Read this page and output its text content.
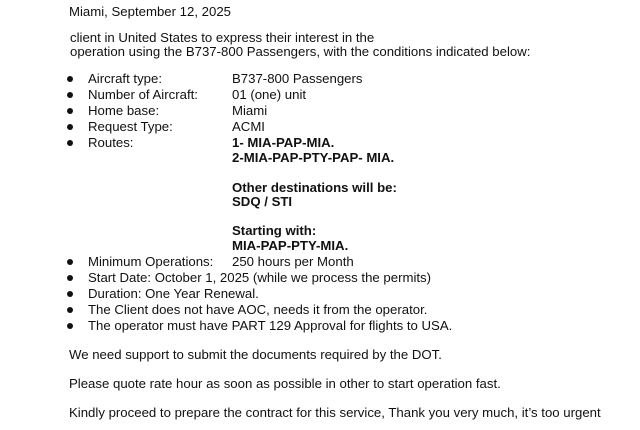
Miami, September 12, 2025
client in United States to express their interest in the
operation using the B737-800 Passengers, with the conditions indicated below:
Aircraft type:	B737-800 Passengers
Number of Aircraft:	01 (one) unit
Home base:	Miami
Request Type:	ACMI
Routes:	1- MIA-PAP-MIA.
2-MIA-PAP-PTY-PAP- MIA.
Other destinations will be:
SDQ / STI
Starting with:
MIA-PAP-PTY-MIA.
Minimum Operations: 250 hours per Month
Start Date: October 1, 2025 (while we process the permits)
Duration: One Year Renewal.
The Client does not have AOC, needs it from the operator.
The operator must have PART 129 Approval for flights to USA.
We need support to submit the documents required by the DOT.
Please quote rate hour as soon as possible in other to start operation fast.
Kindly proceed to prepare the contract for this service, Thank you very much, it’s too urgent
